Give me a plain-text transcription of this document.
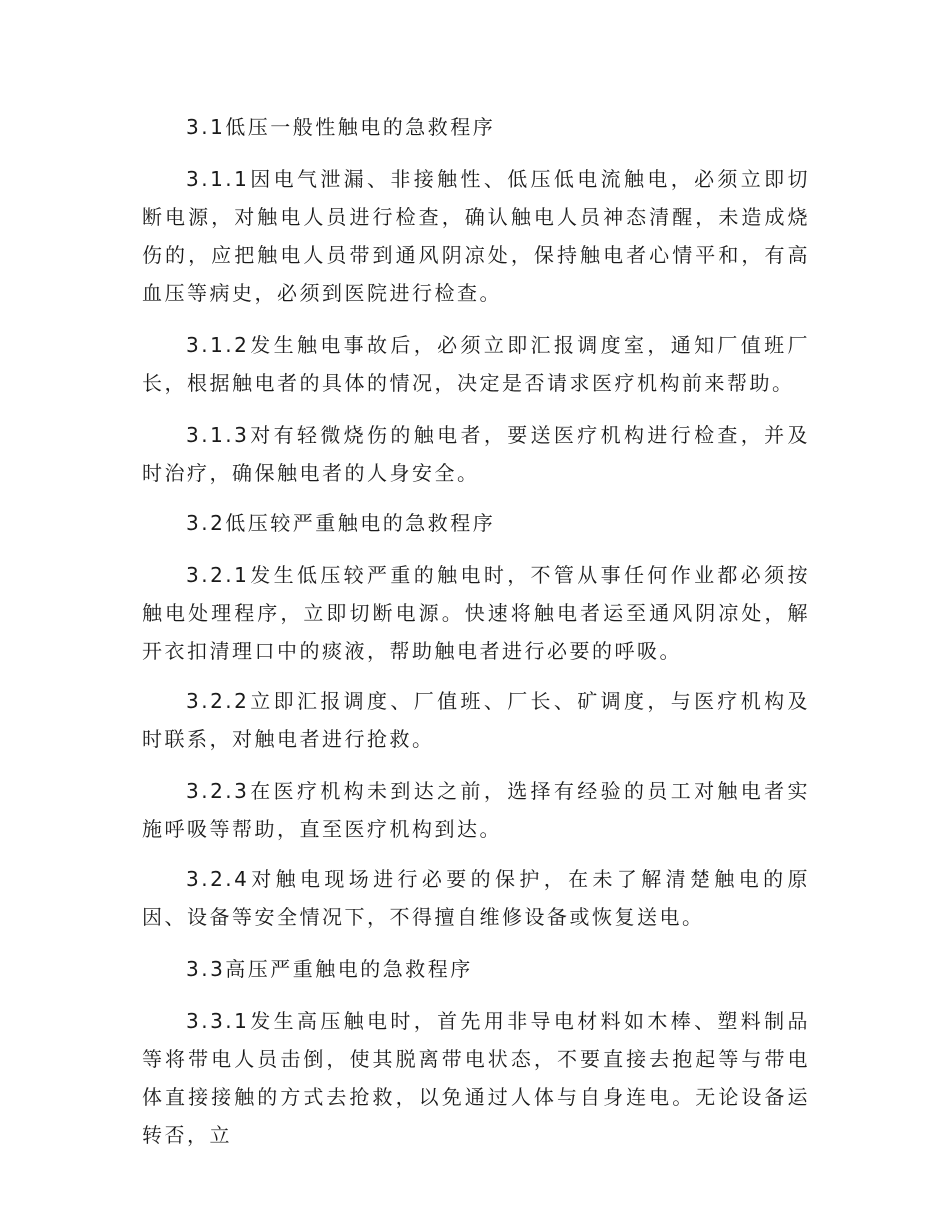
3.1低压一般性触电的急救程序

3.1.1因电气泄漏、非接触性、低压低电流触电，必须立即切断电源，对触电人员进行检查，确认触电人员神态清醒，未造成烧伤的，应把触电人员带到通风阴凉处，保持触电者心情平和，有高血压等病史，必须到医院进行检查。

3.1.2发生触电事故后，必须立即汇报调度室，通知厂值班厂长，根据触电者的具体的情况，决定是否请求医疗机构前来帮助。

3.1.3对有轻微烧伤的触电者，要送医疗机构进行检查，并及时治疗，确保触电者的人身安全。

3.2低压较严重触电的急救程序

3.2.1发生低压较严重的触电时，不管从事任何作业都必须按触电处理程序，立即切断电源。快速将触电者运至通风阴凉处，解开衣扣清理口中的痰液，帮助触电者进行必要的呼吸。

3.2.2立即汇报调度、厂值班、厂长、矿调度，与医疗机构及时联系，对触电者进行抢救。

3.2.3在医疗机构未到达之前，选择有经验的员工对触电者实施呼吸等帮助，直至医疗机构到达。

3.2.4对触电现场进行必要的保护，在未了解清楚触电的原因、设备等安全情况下，不得擅自维修设备或恢复送电。

3.3高压严重触电的急救程序

3.3.1发生高压触电时，首先用非导电材料如木棒、塑料制品等将带电人员击倒，使其脱离带电状态，不要直接去抱起等与带电体直接接触的方式去抢救，以免通过人体与自身连电。无论设备运转否，立
